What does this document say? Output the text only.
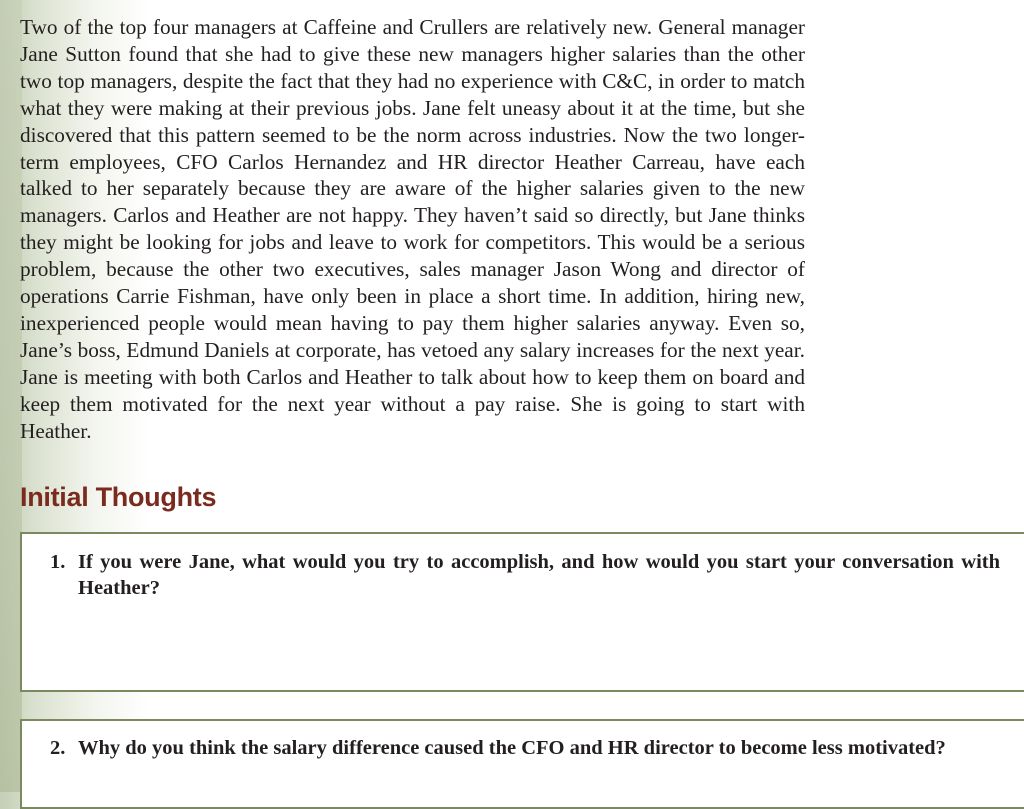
Two of the top four managers at Caffeine and Crullers are relatively new. General manager Jane Sutton found that she had to give these new managers higher salaries than the other two top managers, despite the fact that they had no experience with C&C, in order to match what they were making at their previous jobs. Jane felt uneasy about it at the time, but she discovered that this pattern seemed to be the norm across industries. Now the two longer-term employees, CFO Carlos Hernandez and HR director Heather Carreau, have each talked to her separately because they are aware of the higher salaries given to the new managers. Carlos and Heather are not happy. They haven’t said so directly, but Jane thinks they might be looking for jobs and leave to work for competitors. This would be a serious problem, because the other two executives, sales manager Jason Wong and director of operations Carrie Fishman, have only been in place a short time. In addition, hiring new, inexperienced people would mean having to pay them higher salaries anyway. Even so, Jane’s boss, Edmund Daniels at corporate, has vetoed any salary increases for the next year. Jane is meeting with both Carlos and Heather to talk about how to keep them on board and keep them motivated for the next year without a pay raise. She is going to start with Heather.

Initial Thoughts

1. If you were Jane, what would you try to accomplish, and how would you start your conversation with Heather?

2. Why do you think the salary difference caused the CFO and HR director to become less motivated?
